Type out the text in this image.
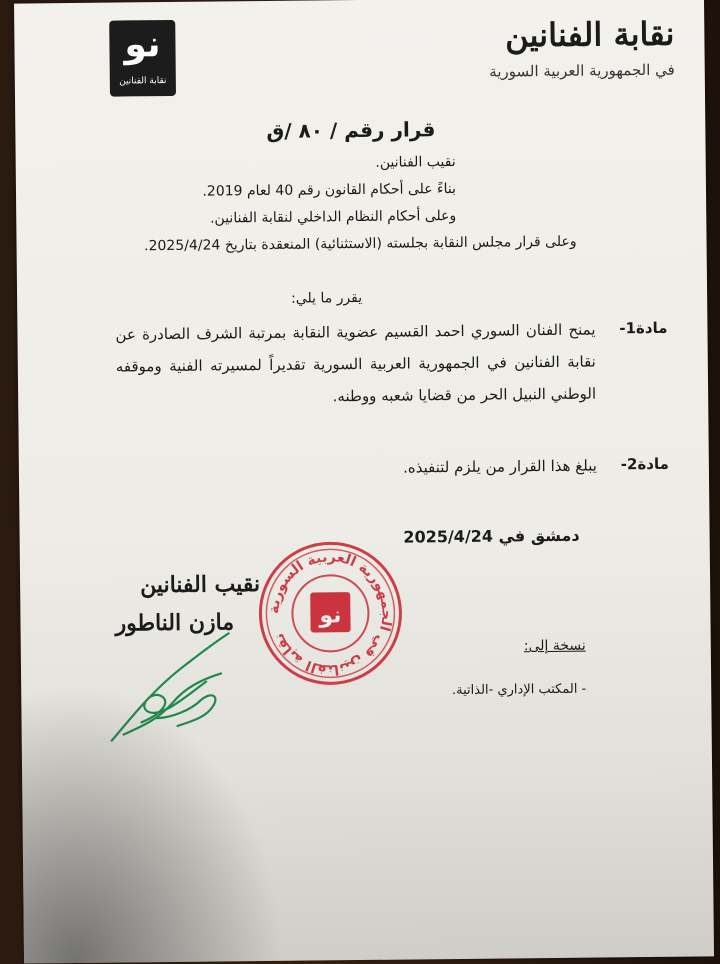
نو
نقابة الفنانين
نقابة الفنانين
في الجمهورية العربية السورية
قرار رقم / ٨٠ /ق
نقيب الفنانين.
بناءً على أحكام القانون رقم 40 لعام 2019.
وعلى أحكام النظام الداخلي لنقابة الفنانين.
وعلى قرار مجلس النقابة بجلسته (الاستثنائية) المنعقدة بتاريخ 2025/4/24.
يقرر ما يلي:
مادة1-
يمنح الفنان السوري احمد القسيم عضوية النقابة بمرتبة الشرف الصادرة عن نقابة الفنانين في الجمهورية العربية السورية تقديراً لمسيرته الفنية وموقفه الوطني النبيل الحر من قضايا شعبه ووطنه.
مادة2-
يبلغ هذا القرار من يلزم لتنفيذه.
دمشق في 2025/4/24
نقابة الفنانين في الجمهورية العربية السورية
نو
نقيب الفنانين
مازن الناطور
نسخة إلى:
- المكتب الإداري -الذاتية.
